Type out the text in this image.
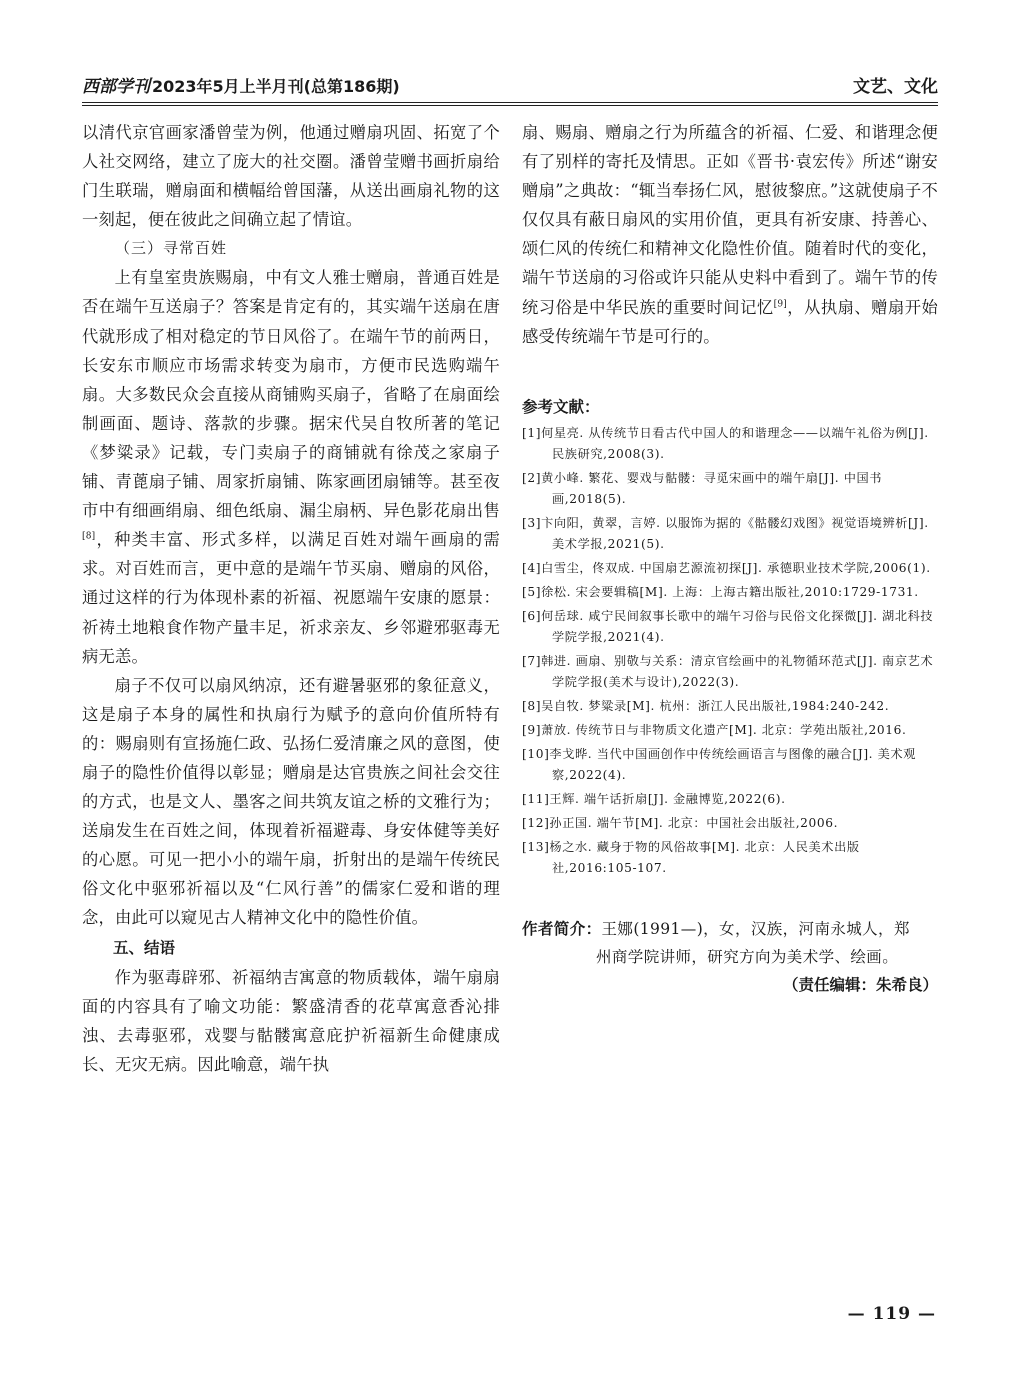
西部学刊 2023年5月上半月刊(总第186期)	文艺、文化

以清代京官画家潘曾莹为例，他通过赠扇巩固、拓宽了个人社交网络，建立了庞大的社交圈。潘曾莹赠书画折扇给门生联瑞，赠扇面和横幅给曾国藩，从送出画扇礼物的这一刻起，便在彼此之间确立起了情谊。

（三）寻常百姓

上有皇室贵族赐扇，中有文人雅士赠扇，普通百姓是否在端午互送扇子？答案是肯定有的，其实端午送扇在唐代就形成了相对稳定的节日风俗了。在端午节的前两日，长安东市顺应市场需求转变为扇市，方便市民选购端午扇。大多数民众会直接从商铺购买扇子，省略了在扇面绘制画面、题诗、落款的步骤。据宋代吴自牧所著的笔记《梦粱录》记载，专门卖扇子的商铺就有徐茂之家扇子铺、青蓖扇子铺、周家折扇铺、陈家画团扇铺等。甚至夜市中有细画绢扇、细色纸扇、漏尘扇柄、异色影花扇出售[8]，种类丰富、形式多样，以满足百姓对端午画扇的需求。对百姓而言，更中意的是端午节买扇、赠扇的风俗，通过这样的行为体现朴素的祈福、祝愿端午安康的愿景：祈祷土地粮食作物产量丰足，祈求亲友、乡邻避邪驱毒无病无恙。

扇子不仅可以扇风纳凉，还有避暑驱邪的象征意义，这是扇子本身的属性和执扇行为赋予的意向价值所特有的：赐扇则有宣扬施仁政、弘扬仁爱清廉之风的意图，使扇子的隐性价值得以彰显；赠扇是达官贵族之间社会交往的方式，也是文人、墨客之间共筑友谊之桥的文雅行为；送扇发生在百姓之间，体现着祈福避毒、身安体健等美好的心愿。可见一把小小的端午扇，折射出的是端午传统民俗文化中驱邪祈福以及“仁风行善”的儒家仁爱和谐的理念，由此可以窥见古人精神文化中的隐性价值。

五、结语

作为驱毒辟邪、祈福纳吉寓意的物质载体，端午扇扇面的内容具有了喻文功能：繁盛清香的花草寓意香沁排浊、去毒驱邪，戏婴与骷髅寓意庇护祈福新生命健康成长、无灾无病。因此喻意，端午执

扇、赐扇、赠扇之行为所蕴含的祈福、仁爱、和谐理念便有了别样的寄托及情思。正如《晋书·袁宏传》所述“谢安赠扇”之典故：“辄当奉扬仁风，慰彼黎庶。”这就使扇子不仅仅具有蔽日扇风的实用价值，更具有祈安康、持善心、颂仁风的传统仁和精神文化隐性价值。随着时代的变化，端午节送扇的习俗或许只能从史料中看到了。端午节的传统习俗是中华民族的重要时间记忆[9]，从执扇、赠扇开始感受传统端午节是可行的。

参考文献：

[1]何星亮. 从传统节日看古代中国人的和谐理念——以端午礼俗为例[J]. 民族研究,2008(3).

[2]黄小峰. 繁花、婴戏与骷髅：寻觅宋画中的端午扇[J]. 中国书画,2018(5).

[3]卞向阳，黄翠，言婷. 以服饰为据的《骷髅幻戏图》视觉语境辨析[J]. 美术学报,2021(5).

[4]白雪尘，佟双成. 中国扇艺源流初探[J]. 承德职业技术学院,2006(1).

[5]徐松. 宋会要辑稿[M]. 上海：上海古籍出版社,2010:1729-1731.

[6]何岳球. 咸宁民间叙事长歌中的端午习俗与民俗文化探微[J]. 湖北科技学院学报,2021(4).

[7]韩进. 画扇、别敬与关系：清京官绘画中的礼物循环范式[J]. 南京艺术学院学报(美术与设计),2022(3).

[8]吴自牧. 梦粱录[M]. 杭州：浙江人民出版社,1984:240-242.

[9]萧放. 传统节日与非物质文化遗产[M]. 北京：学苑出版社,2016.

[10]李戈晔. 当代中国画创作中传统绘画语言与图像的融合[J]. 美术观察,2022(4).

[11]王辉. 端午话折扇[J]. 金融博览,2022(6).

[12]孙正国. 端午节[M]. 北京：中国社会出版社,2006.

[13]杨之水. 藏身于物的风俗故事[M]. 北京：人民美术出版社,2016:105-107.

作者简介：王娜(1991—)，女，汉族，河南永城人，郑
州商学院讲师，研究方向为美术学、绘画。

（责任编辑：朱希良）

— 119 —
